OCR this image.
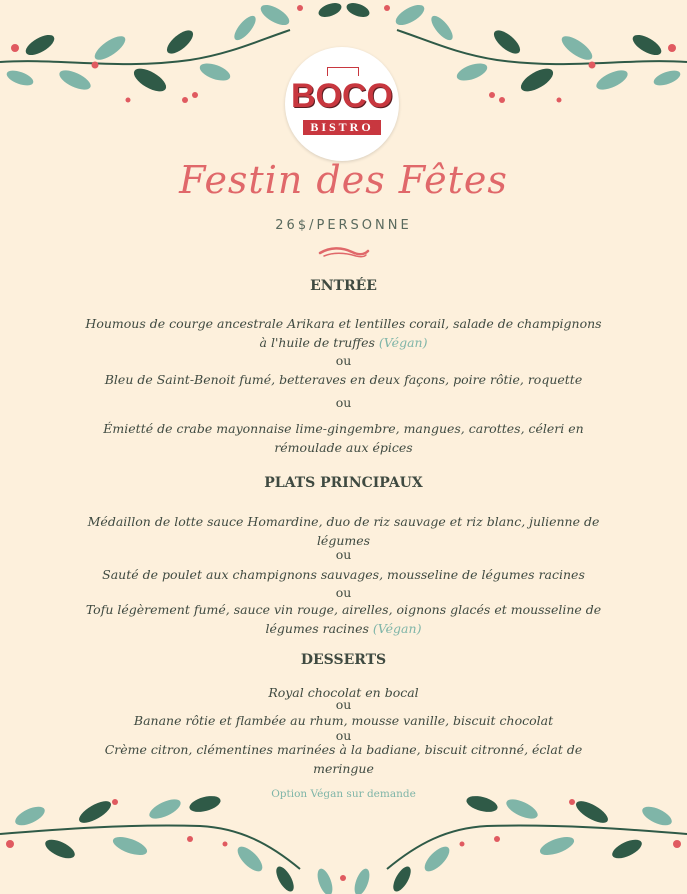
BOCO
BISTRO
Festin des Fêtes
26$/PERSONNE
ENTRÉE
Houmous de courge ancestrale Arikara et lentilles corail, salade de champignons à l'huile de truffes (Végan)
ou
Bleu de Saint-Benoit fumé, betteraves en deux façons, poire rôtie, roquette
ou
Émietté de crabe mayonnaise lime-gingembre, mangues, carottes, céleri en rémoulade aux épices
PLATS PRINCIPAUX
Médaillon de lotte sauce Homardine, duo de riz sauvage et riz blanc, julienne de légumes
ou
Sauté de poulet aux champignons sauvages, mousseline de légumes racines
ou
Tofu légèrement fumé, sauce vin rouge, airelles, oignons glacés et mousseline de légumes racines (Végan)
DESSERTS
Royal chocolat en bocal
ou
Banane rôtie et flambée au rhum, mousse vanille, biscuit chocolat
ou
Crème citron, clémentines marinées à la badiane, biscuit citronné, éclat de meringue
Option Végan sur demande
